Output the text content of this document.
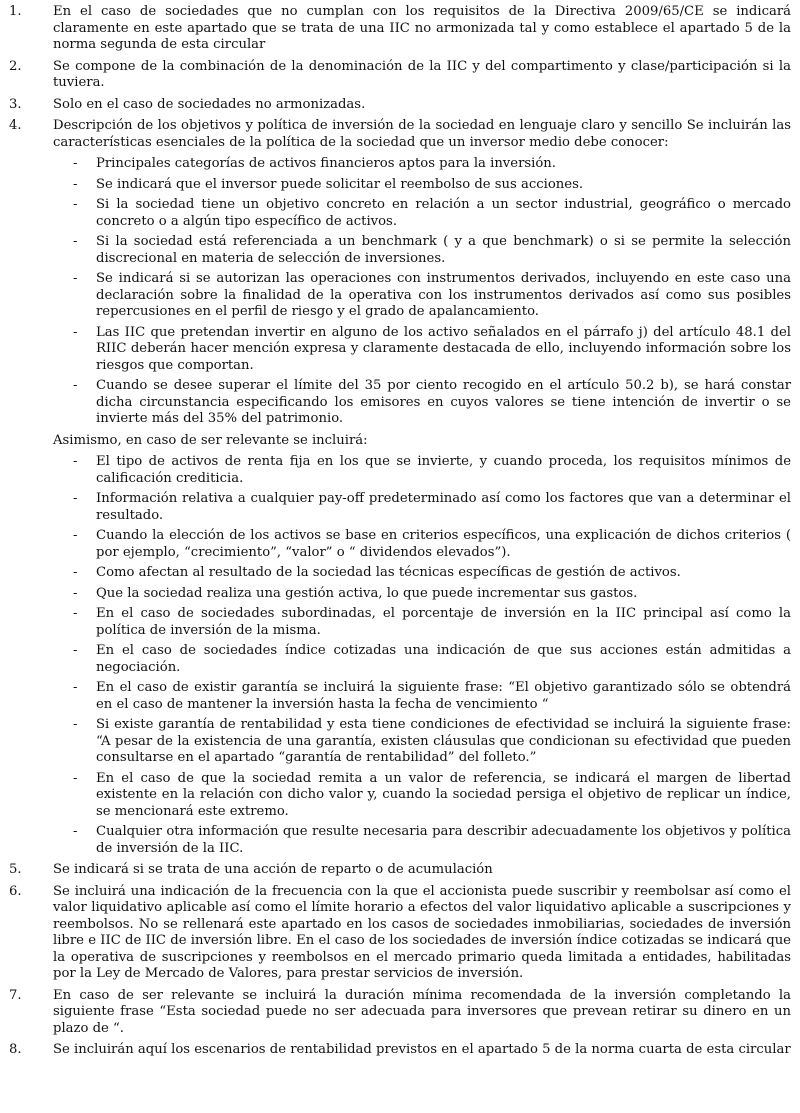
1. En el caso de sociedades que no cumplan con los requisitos de la Directiva 2009/65/CE se indicará claramente en este apartado que se trata de una IIC no armonizada tal y como establece el apartado 5 de la norma segunda de esta circular

2. Se compone de la combinación de la denominación de la IIC y del compartimento y clase/participación si la tuviera.

3. Solo en el caso de sociedades no armonizadas.

4. Descripción de los objetivos y política de inversión de la sociedad en lenguaje claro y sencillo Se incluirán las características esenciales de la política de la sociedad que un inversor medio debe conocer:

- Principales categorías de activos financieros aptos para la inversión.
- Se indicará que el inversor puede solicitar el reembolso de sus acciones.
- Si la sociedad tiene un objetivo concreto en relación a un sector industrial, geográfico o mercado concreto o a algún tipo específico de activos.
- Si la sociedad está referenciada a un benchmark ( y a que benchmark) o si se permite la selección discrecional en materia de selección de inversiones.
- Se indicará si se autorizan las operaciones con instrumentos derivados, incluyendo en este caso una declaración sobre la finalidad de la operativa con los instrumentos derivados así como sus posibles repercusiones en el perfil de riesgo y el grado de apalancamiento.
- Las IIC que pretendan invertir en alguno de los activo señalados en el párrafo j) del artículo 48.1 del RIIC deberán hacer mención expresa y claramente destacada de ello, incluyendo información sobre los riesgos que comportan.
- Cuando se desee superar el límite del 35 por ciento recogido en el artículo 50.2 b), se hará constar dicha circunstancia especificando los emisores en cuyos valores se tiene intención de invertir o se invierte más del 35% del patrimonio.
Asimismo, en caso de ser relevante se incluirá:
- El tipo de activos de renta fija en los que se invierte, y cuando proceda, los requisitos mínimos de calificación crediticia.
- Información relativa a cualquier pay-off predeterminado así como los factores que van a determinar el resultado.
- Cuando la elección de los activos se base en criterios específicos, una explicación de dichos criterios ( por ejemplo, “crecimiento”, “valor” o “ dividendos elevados”).
- Como afectan al resultado de la sociedad las técnicas específicas de gestión de activos.
- Que la sociedad realiza una gestión activa, lo que puede incrementar sus gastos.
- En el caso de sociedades subordinadas, el porcentaje de inversión en la IIC principal así como la política de inversión de la misma.
- En el caso de sociedades índice cotizadas una indicación de que sus acciones están admitidas a negociación.
- En el caso de existir garantía se incluirá la siguiente frase: “El objetivo garantizado sólo se obtendrá en el caso de mantener la inversión hasta la fecha de vencimiento “
- Si existe garantía de rentabilidad y esta tiene condiciones de efectividad se incluirá la siguiente frase: “A pesar de la existencia de una garantía, existen cláusulas que condicionan su efectividad que pueden consultarse en el apartado “garantía de rentabilidad” del folleto.”
- En el caso de que la sociedad remita a un valor de referencia, se indicará el margen de libertad existente en la relación con dicho valor y, cuando la sociedad persiga el objetivo de replicar un índice, se mencionará este extremo.
- Cualquier otra información que resulte necesaria para describir adecuadamente los objetivos y política de inversión de la IIC.
5. Se indicará si se trata de una acción de reparto o de acumulación

6. Se incluirá una indicación de la frecuencia con la que el accionista puede suscribir y reembolsar así como el valor liquidativo aplicable así como el límite horario a efectos del valor liquidativo aplicable a suscripciones y reembolsos. No se rellenará este apartado en los casos de sociedades inmobiliarias, sociedades de inversión libre e IIC de IIC de inversión libre. En el caso de los sociedades de inversión índice cotizadas se indicará que la operativa de suscripciones y reembolsos en el mercado primario queda limitada a entidades, habilitadas por la Ley de Mercado de Valores, para prestar servicios de inversión.

7. En caso de ser relevante se incluirá la duración mínima recomendada de la inversión completando la siguiente frase “Esta sociedad puede no ser adecuada para inversores que prevean retirar su dinero en un plazo de “.

8. Se incluirán aquí los escenarios de rentabilidad previstos en el apartado 5 de la norma cuarta de esta circular
